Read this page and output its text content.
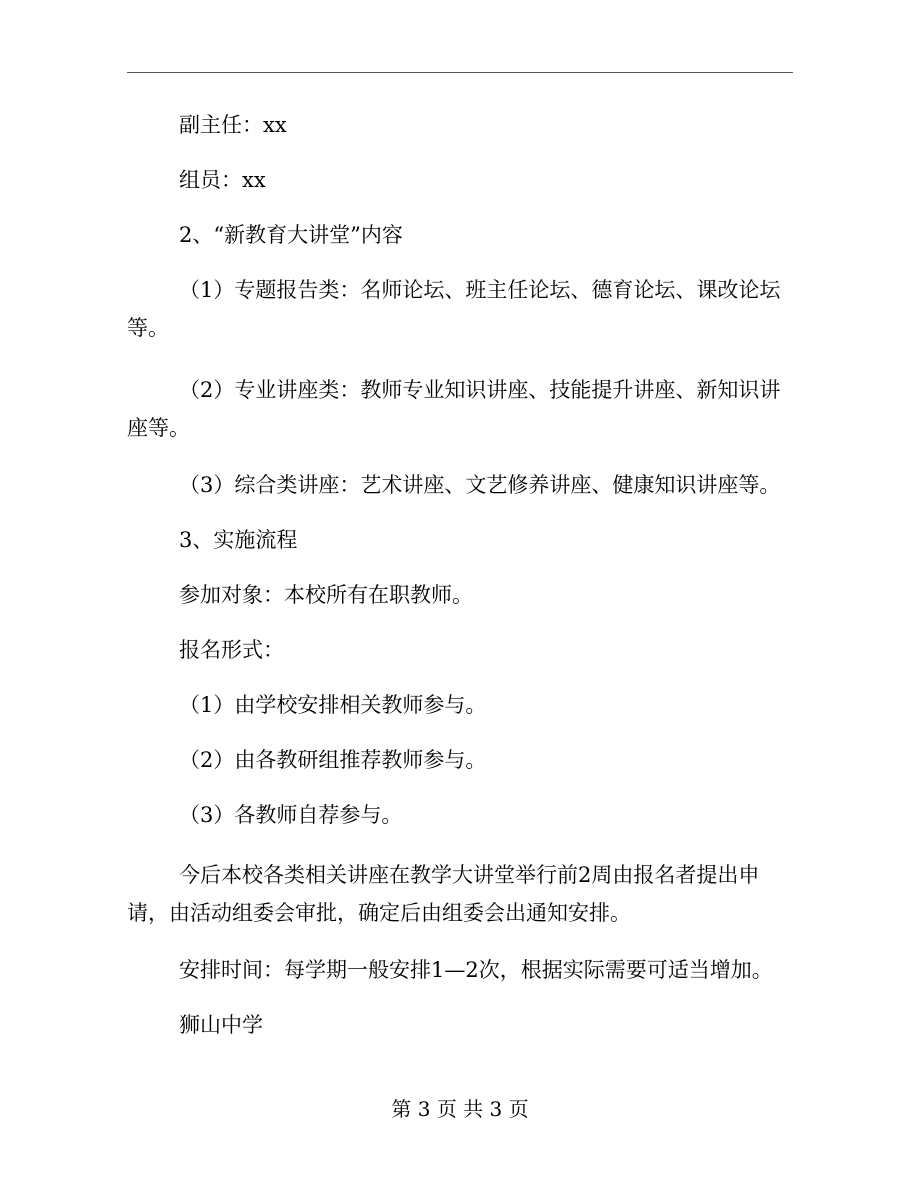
副主任：xx
组员：xx
2、“新教育大讲堂”内容
（1）专题报告类：名师论坛、班主任论坛、德育论坛、课改论坛等。
（2）专业讲座类：教师专业知识讲座、技能提升讲座、新知识讲座等。
（3）综合类讲座：艺术讲座、文艺修养讲座、健康知识讲座等。
3、实施流程
参加对象：本校所有在职教师。
报名形式：
（1）由学校安排相关教师参与。
（2）由各教研组推荐教师参与。
（3）各教师自荐参与。
今后本校各类相关讲座在教学大讲堂举行前2周由报名者提出申请，由活动组委会审批，确定后由组委会出通知安排。
安排时间：每学期一般安排1—2次，根据实际需要可适当增加。
狮山中学
第 3 页 共 3 页
